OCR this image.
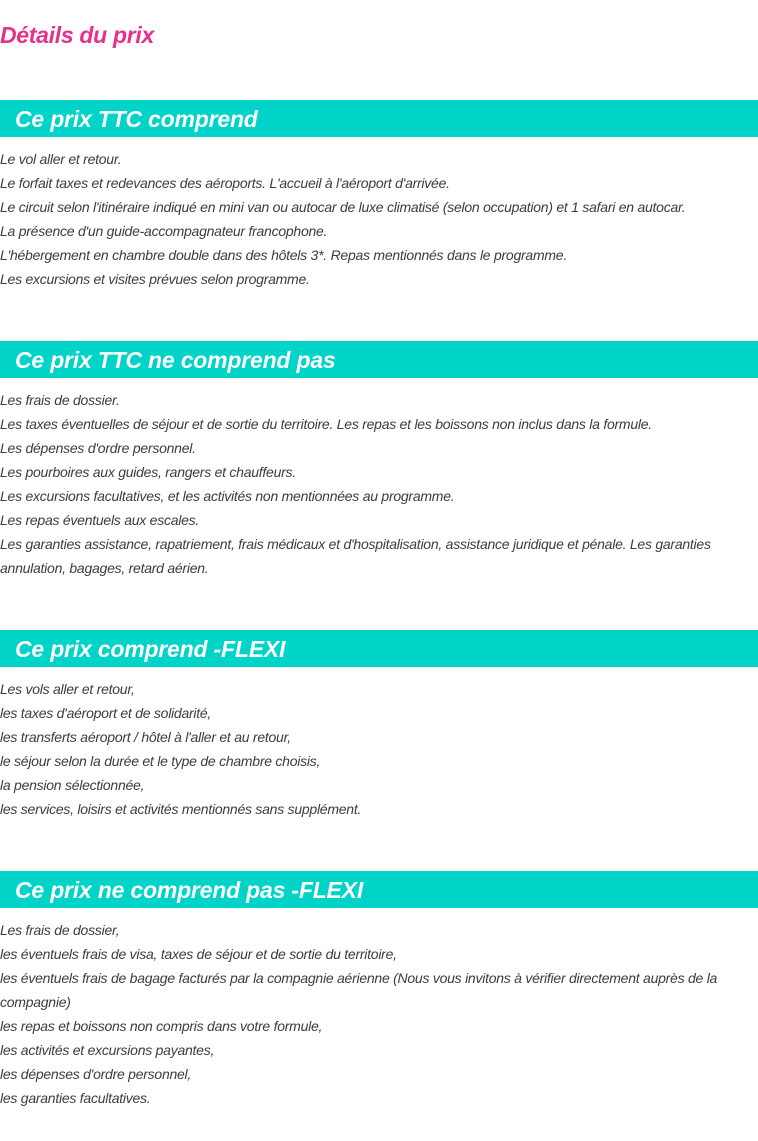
Détails du prix
Ce prix TTC comprend
Le vol aller et retour.
Le forfait taxes et redevances des aéroports. L'accueil à l'aéroport d'arrivée.
Le circuit selon l'itinéraire indiqué en mini van ou autocar de luxe climatisé (selon occupation) et 1 safari en autocar.
La présence d'un guide-accompagnateur francophone.
L'hébergement en chambre double dans des hôtels 3*. Repas mentionnés dans le programme.
Les excursions et visites prévues selon programme.
Ce prix TTC ne comprend pas
Les frais de dossier.
Les taxes éventuelles de séjour et de sortie du territoire. Les repas et les boissons non inclus dans la formule.
Les dépenses d'ordre personnel.
Les pourboires aux guides, rangers et chauffeurs.
Les excursions facultatives, et les activités non mentionnées au programme.
Les repas éventuels aux escales.
Les garanties assistance, rapatriement, frais médicaux et d'hospitalisation, assistance juridique et pénale. Les garanties annulation, bagages, retard aérien.
Ce prix comprend -FLEXI
Les vols aller et retour,
les taxes d'aéroport et de solidarité,
les transferts aéroport / hôtel à l'aller et au retour,
le séjour selon la durée et le type de chambre choisis,
la pension sélectionnée,
les services, loisirs et activités mentionnés sans supplément.
Ce prix ne comprend pas -FLEXI
Les frais de dossier,
les éventuels frais de visa, taxes de séjour et de sortie du territoire,
les éventuels frais de bagage facturés par la compagnie aérienne (Nous vous invitons à vérifier directement auprès de la compagnie)
les repas et boissons non compris dans votre formule,
les activités et excursions payantes,
les dépenses d'ordre personnel,
les garanties facultatives.
